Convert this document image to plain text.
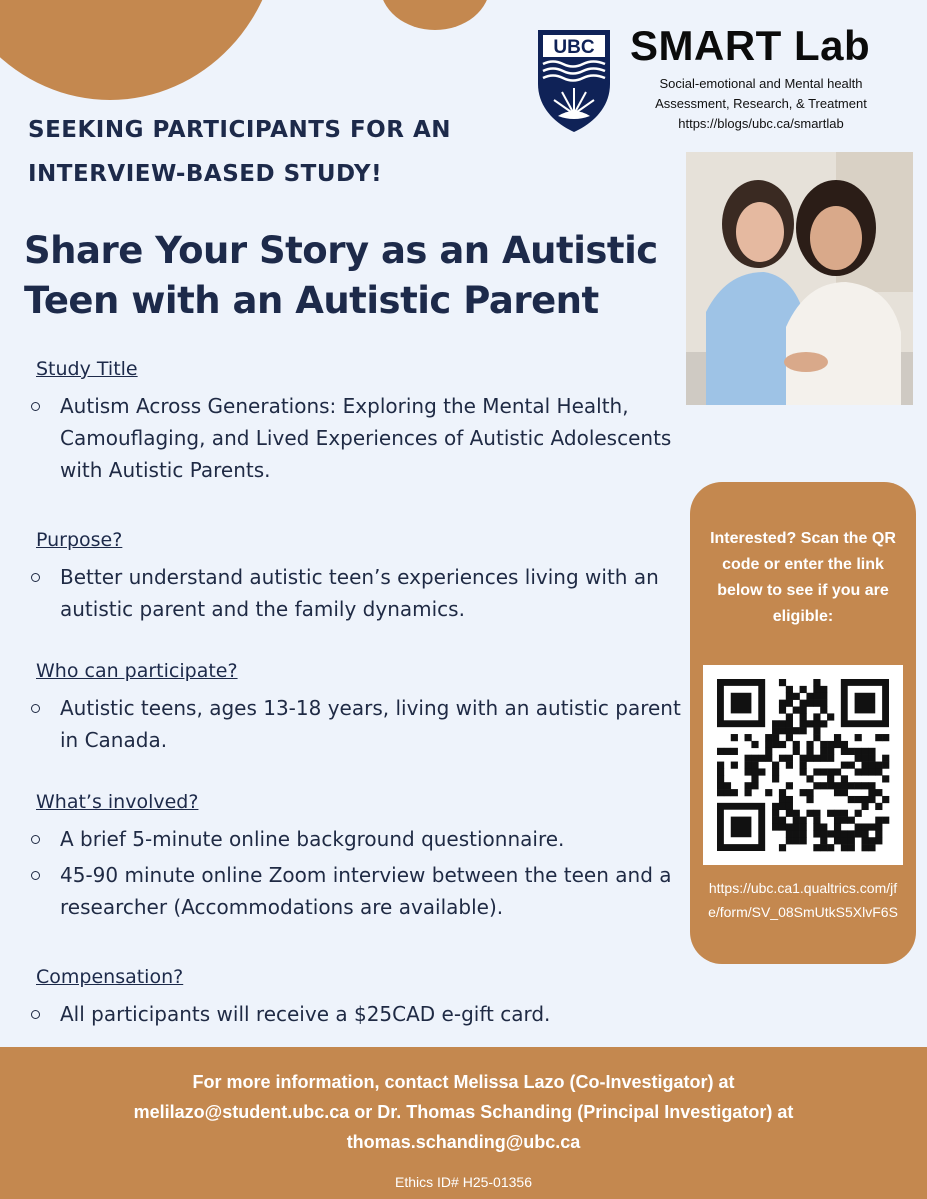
UBC SMART Lab
Social-emotional and Mental health
Assessment, Research, & Treatment
https://blogs/ubc.ca/smartlab
SEEKING PARTICIPANTS FOR AN
INTERVIEW-BASED STUDY!
Share Your Story as an Autistic
Teen with an Autistic Parent
Study Title
Autism Across Generations: Exploring the Mental Health, Camouflaging, and Lived Experiences of Autistic Adolescents with Autistic Parents.
Purpose?
Better understand autistic teen’s experiences living with an autistic parent and the family dynamics.
Who can participate?
Autistic teens, ages 13-18 years, living with an autistic parent in Canada.
What’s involved?
A brief 5-minute online background questionnaire.
45-90 minute online Zoom interview between the teen and a researcher (Accommodations are available).
Compensation?
All participants will receive a $25CAD e-gift card.
Interested? Scan the QR code or enter the link below to see if you are eligible:
https://ubc.ca1.qualtrics.com/jfe/form/SV_08SmUtkS5XlvF6S
For more information, contact Melissa Lazo (Co-Investigator) at
melilazo@student.ubc.ca or Dr. Thomas Schanding (Principal Investigator) at
thomas.schanding@ubc.ca
Ethics ID# H25-01356
